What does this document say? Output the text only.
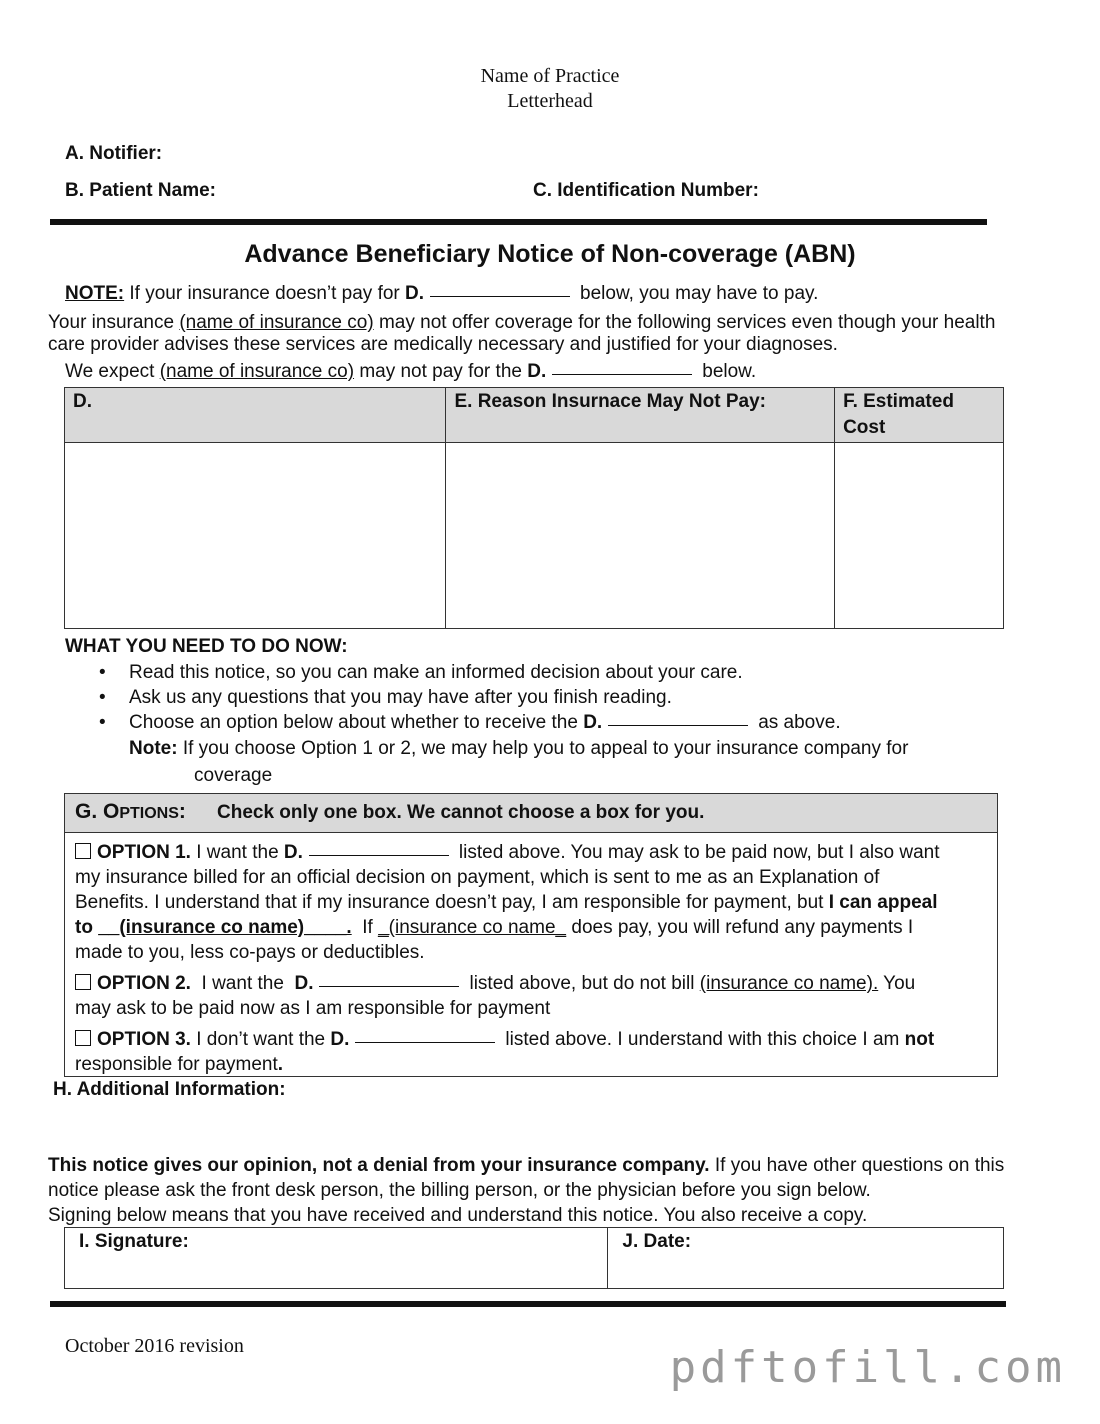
Name of Practice
Letterhead
A. Notifier:
B. Patient Name:	C. Identification Number:
Advance Beneficiary Notice of Non-coverage (ABN)
NOTE: If your insurance doesn’t pay for D.	below, you may have to pay.
Your insurance (name of insurance co) may not offer coverage for the following services even though your health
care provider advises these services are medically necessary and justified for your diagnoses.
We expect (name of insurance co) may not pay for the D.	below.
D.	E. Reason Insurnace May Not Pay:	F. Estimated Cost

WHAT YOU NEED TO DO NOW:
• Read this notice, so you can make an informed decision about your care.
• Ask us any questions that you may have after you finish reading.
• Choose an option below about whether to receive the D.	as above.
Note: If you choose Option 1 or 2, we may help you to appeal to your insurance company for
coverage
G. OPTIONS: Check only one box. We cannot choose a box for you.
OPTION 1. I want the D.	listed above. You may ask to be paid now, but I also want
my insurance billed for an official decision on payment, which is sent to me as an Explanation of
Benefits. I understand that if my insurance doesn’t pay, I am responsible for payment, but I can appeal
to __(insurance co name)____. If _(insurance co name_ does pay, you will refund any payments I
made to you, less co-pays or deductibles.
OPTION 2. I want the D.	listed above, but do not bill (insurance co name). You
may ask to be paid now as I am responsible for payment
OPTION 3. I don’t want the D.	listed above. I understand with this choice I am not
responsible for payment.
H. Additional Information:
This notice gives our opinion, not a denial from your insurance company. If you have other questions on this
notice please ask the front desk person, the billing person, or the physician before you sign below.
Signing below means that you have received and understand this notice. You also receive a copy.
I. Signature:	J. Date:
October 2016 revision	pdftofill.com
